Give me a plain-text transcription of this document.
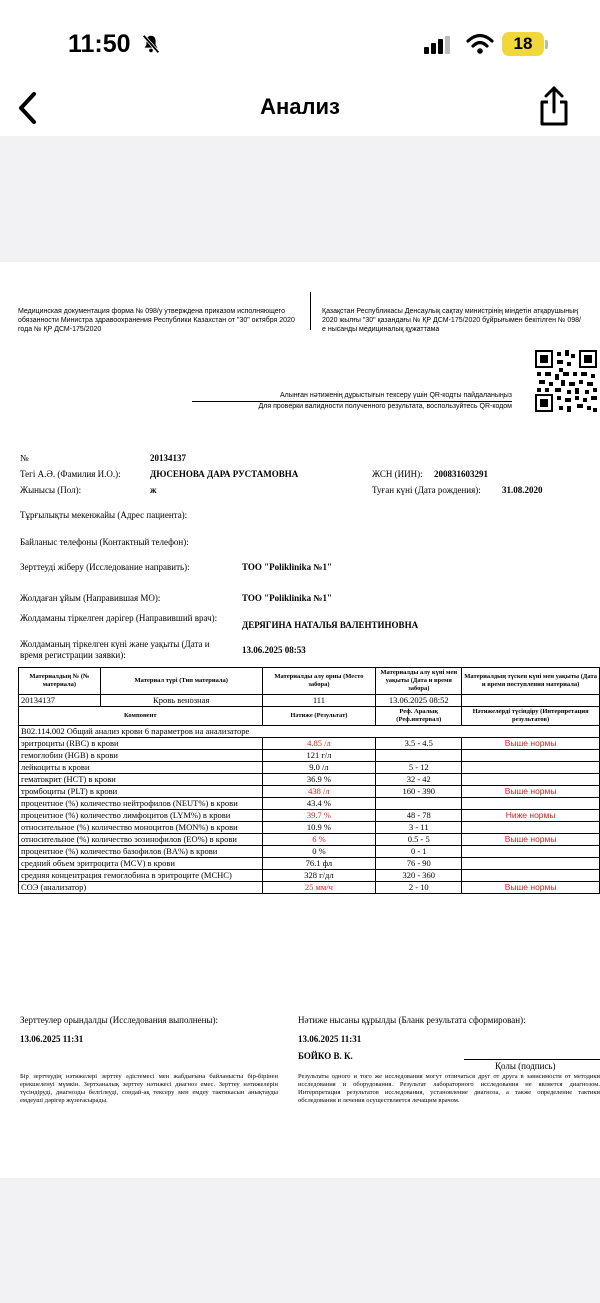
11:50	18
Анализ
Медицинская документация форма № 098/у утверждена приказом исполняющего обязанности Министра здравоохранения Республики Казахстан от "30" октября 2020 года № ҚР ДСМ-175/2020
Қазақстан Республикасы Денсаулық сақтау министрінің міндетін атқарушының 2020 жылғы "30" қазандағы № ҚР ДСМ-175/2020 бұйрығымен бекітілген № 098/е нысанды медициналық құжаттама
Алынған нәтиженің дұрыстығын тексеру үшін QR-кодты пайдаланыңыз
Для проверки валидности полученного результата, воспользуйтесь QR-кодом
№	20134137
Тегі А.Ә. (Фамилия И.О.):	ДЮСЕНОВА ДАРА РУСТАМОВНА	ЖСН (ИИН): 200831603291
Жынысы (Пол):	ж	Туған күні (Дата рождения): 31.08.2020
Тұрғылықты мекенжайы (Адрес пациента):
Байланыс телефоны (Контактный телефон):
Зерттеуді жіберу (Исследование направить):	ТОО "Poliklinika №1"
Жолдаған ұйым (Направившая МО):	ТОО "Poliklinika №1"
Жолдаманы тіркелген дәрігер (Направивший врач):
ДЕРЯГИНА НАТАЛЬЯ ВАЛЕНТИНОВНА
Жолдаманың тіркелген күні және уақыты (Дата и время регистрации заявки):	13.06.2025 08:53
Материалдың № (№ материала)	Материал түрі (Тип материала)	Материалды алу орны (Место забора)	Материалды алу күні мен уақыты (Дата и время забора)	Материалдың түскен күні мен уақыты (Дата и время поступления материала)
20134137	Кровь венозная	111	13.06.2025 08:52	
Компонент		Нәтиже (Результат)	Реф. Аралық (Реф.интервал)	Нәтижелерді түсіндіру (Интерпретация результатов)
B02.114.002 Общий анализ крови 6 параметров на анализаторе				
эритроциты (RBC) в крови		4.85 /л	3.5 - 4.5	Выше нормы
гемоглобин (HGB) в крови		121 г/л		
лейкоциты в крови		9.0 /л	5 - 12	
гематокрит (HCT) в крови		36.9 %	32 - 42	
тромбоциты (PLT) в крови		438 /л	160 - 390	Выше нормы
процентное (%) количество нейтрофилов (NEUT%) в крови		43.4 %		
процентное (%) количество лимфоцитов (LYM%) в крови		39.7 %	48 - 78	Ниже нормы
относительное (%) количество моноцитов (MON%) в крови		10.9 %	3 - 11	
относительное (%) количество эозинофилов (EO%) в крови		6 %	0.5 - 5	Выше нормы
процентное (%) количество базофилов (BA%) в крови		0 %	0 - 1	
средний объем эритроцита (MCV) в крови		76.1 фл	76 - 90	
средняя концентрация гемоглобина в эритроците (MCHC)		328 г/дл	320 - 360	
СОЭ (анализатор)		25 мм/ч	2 - 10	Выше нормы
Зерттеулер орындалды (Исследования выполнены):
13.06.2025 11:31
Нәтиже нысаны құрылды (Бланк результата сформирован):
13.06.2025 11:31
БОЙКО В. К.
Қолы (подпись)
Бір зерттеудің нәтижелері зерттеу әдістемесі мен жабдығына байланысты бір-бірінен ерекшеленуі мүмкін. Зертханалық зерттеу нәтижесі диагноз емес. Зерттеу нәтижелерін түсіндіруді, диагнозды белгілеуді, сондай-ақ тексеру мен емдеу тактикасын анықтауды емдеуші дәрігер жүзеғасырады.
Результаты одного и того же исследования могут отличаться друг от друга в зависимости от методики исследования и оборудования. Результат лабораторного исследования не является диагнозом. Интерпретация результатов исследования, установление диагноза, а также определение тактики обследования и лечения осуществляется лечащим врачом.
